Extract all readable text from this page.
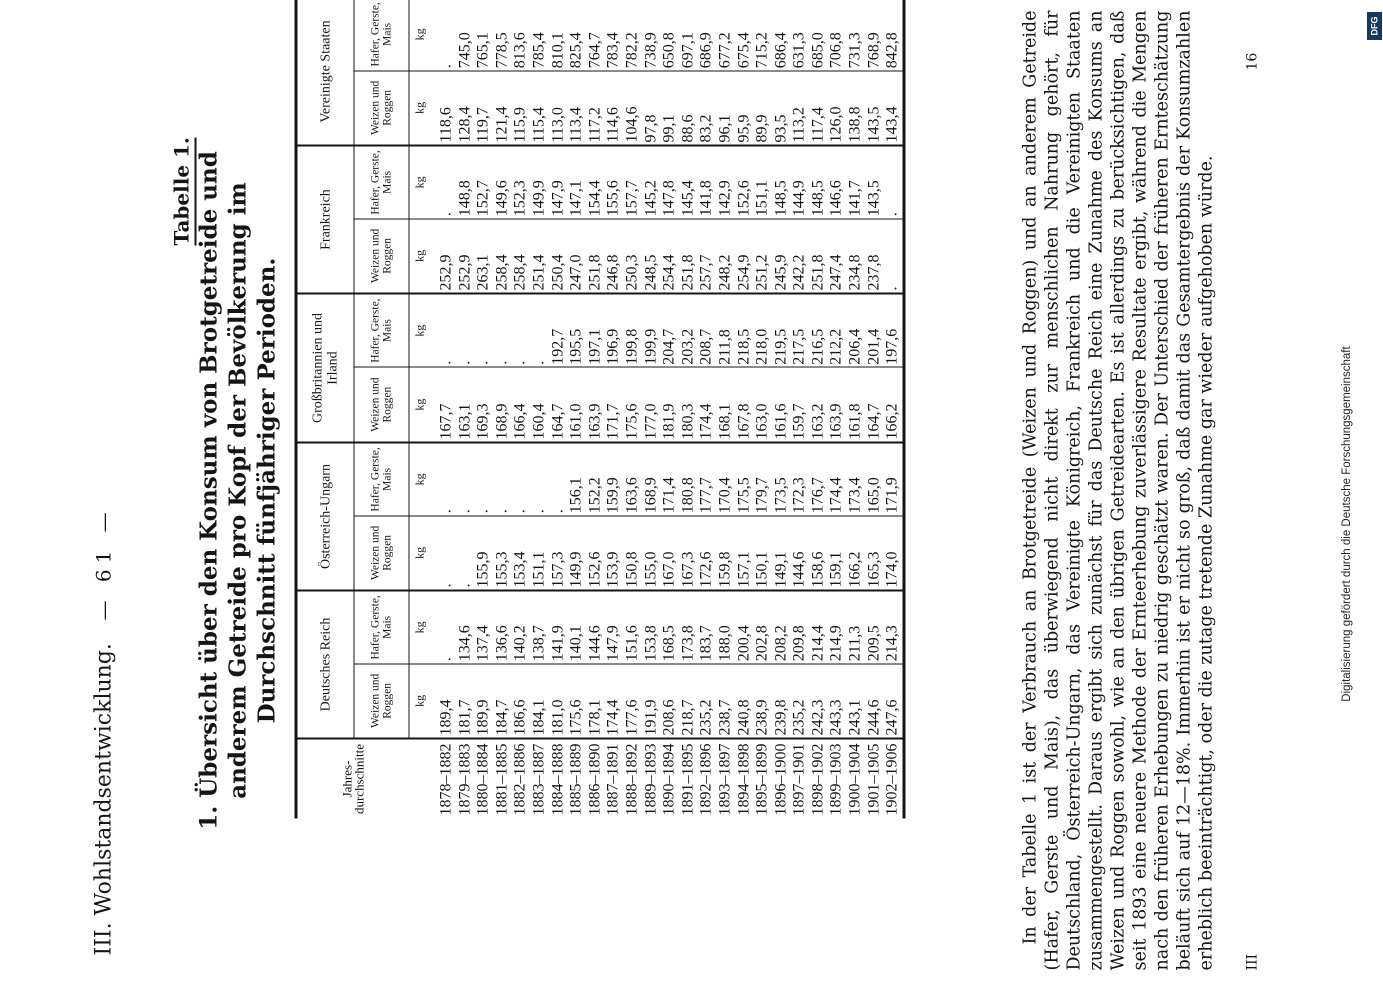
III. Wohlstandsentwicklung.
— 61 —
Tabelle 1. 1. Übersicht über den Konsum von Brotgetreide und anderem Getreide pro Kopf der Bevölkerung im Durchschnitt fünfjähriger Perioden.
Jahres-durchschnitte	Deutsches Reich		Österreich-Ungarn		Großbritannien und Irland		Frankreich		Vereinigte Staaten	
	Weizen und Roggen	Hafer, Gerste, Mais	Weizen und Roggen	Hafer, Gerste, Mais	Weizen und Roggen	Hafer, Gerste, Mais	Weizen und Roggen	Hafer, Gerste, Mais	Weizen und Roggen	Hafer, Gerste, Mais
	kg	kg	kg	kg	kg	kg	kg	kg	kg	kg
1878–1882	189,4	.	.	.	167,7	.	252,9	.	118,6	.
1879–1883	181,7	134,6	.	.	163,1	.	252,9	148,8	128,4	745,0
1880–1884	189,9	137,4	155,9	.	169,3	.	263,1	152,7	119,7	765,1
1881–1885	184,7	136,6	155,3	.	168,9	.	258,4	149,6	121,4	778,5
1882–1886	186,6	140,2	153,4	.	166,4	.	258,4	152,3	115,9	813,6
1883–1887	184,1	138,7	151,1	.	160,4	.	251,4	149,9	115,4	785,4
1884–1888	181,0	141,9	157,3	.	164,7	192,7	250,4	147,9	113,0	810,1
1885–1889	175,6	140,1	149,9	156,1	161,0	195,5	247,0	147,1	113,4	825,4
1886–1890	178,1	144,6	152,6	152,2	163,9	197,1	251,8	154,4	117,2	764,7
1887–1891	174,4	147,9	153,9	159,9	171,7	196,9	246,8	155,6	114,6	783,4
1888–1892	177,6	151,6	150,8	163,6	175,6	199,8	250,3	157,7	104,6	782,2
1889–1893	191,9	153,8	155,0	168,9	177,0	199,9	248,5	145,2	97,8	738,9
1890–1894	208,6	168,5	167,0	171,4	181,9	204,7	254,4	147,8	99,1	650,8
1891–1895	218,7	173,8	167,3	180,8	180,3	203,2	251,8	145,4	88,6	697,1
1892–1896	235,2	183,7	172,6	177,7	174,4	208,7	257,7	141,8	83,2	686,9
1893–1897	238,7	188,0	159,8	170,4	168,1	211,8	248,2	142,9	96,1	677,2
1894–1898	240,8	200,4	157,1	175,5	167,8	218,5	254,9	152,6	95,9	675,4
1895–1899	238,9	202,8	150,1	179,7	163,0	218,0	251,2	151,1	89,9	715,2
1896–1900	239,8	208,2	149,1	173,5	161,6	219,5	245,9	148,5	93,5	686,4
1897–1901	235,2	209,8	144,6	172,3	159,7	217,5	242,2	144,9	113,2	631,3
1898–1902	242,3	214,4	158,6	176,7	163,2	216,5	251,8	148,5	117,4	685,0
1899–1903	243,3	214,9	159,1	174,4	163,9	212,2	247,4	146,6	126,0	706,8
1900–1904	243,1	211,3	166,2	173,4	161,8	206,4	234,8	141,7	138,8	731,3
1901–1905	244,6	209,5	165,3	165,0	164,7	201,4	237,8	143,5	143,5	768,9
1902–1906	247,6	214,3	174,0	171,9	166,2	197,6	.	.	143,4	842,8	In der Tabelle 1 ist der Verbrauch an Brotgetreide (Weizen und Roggen) und an anderem Getreide (Hafer, Gerste und Mais), das überwiegend nicht direkt zur menschlichen Nahrung gehört, für Deutschland, Österreich-Ungarn, das Vereinigte Königreich, Frankreich und die Vereinigten Staaten zusammengestellt. Daraus ergibt sich zunächst für das Deutsche Reich eine Zunahme des Konsums an Weizen und Roggen sowohl, wie an den übrigen Getreidearten. Es ist allerdings zu berücksichtigen, daß seit 1893 eine neuere Methode der Ernteerhebung zuverlässigere Resultate ergibt, während die Mengen nach den früheren Erhebungen zu niedrig geschätzt waren. Der Unterschied der früheren Ernteschätzung beläuft sich auf 12—18%. Immerhin ist er nicht so groß, daß damit das Gesamtergebnis der Konsumzahlen erheblich beeinträchtigt, oder die zutage tretende Zunahme gar wieder aufgehoben würde. III
16
Digitalisierung gefördert durch die Deutsche Forschungsgemeinschaft
DFG
